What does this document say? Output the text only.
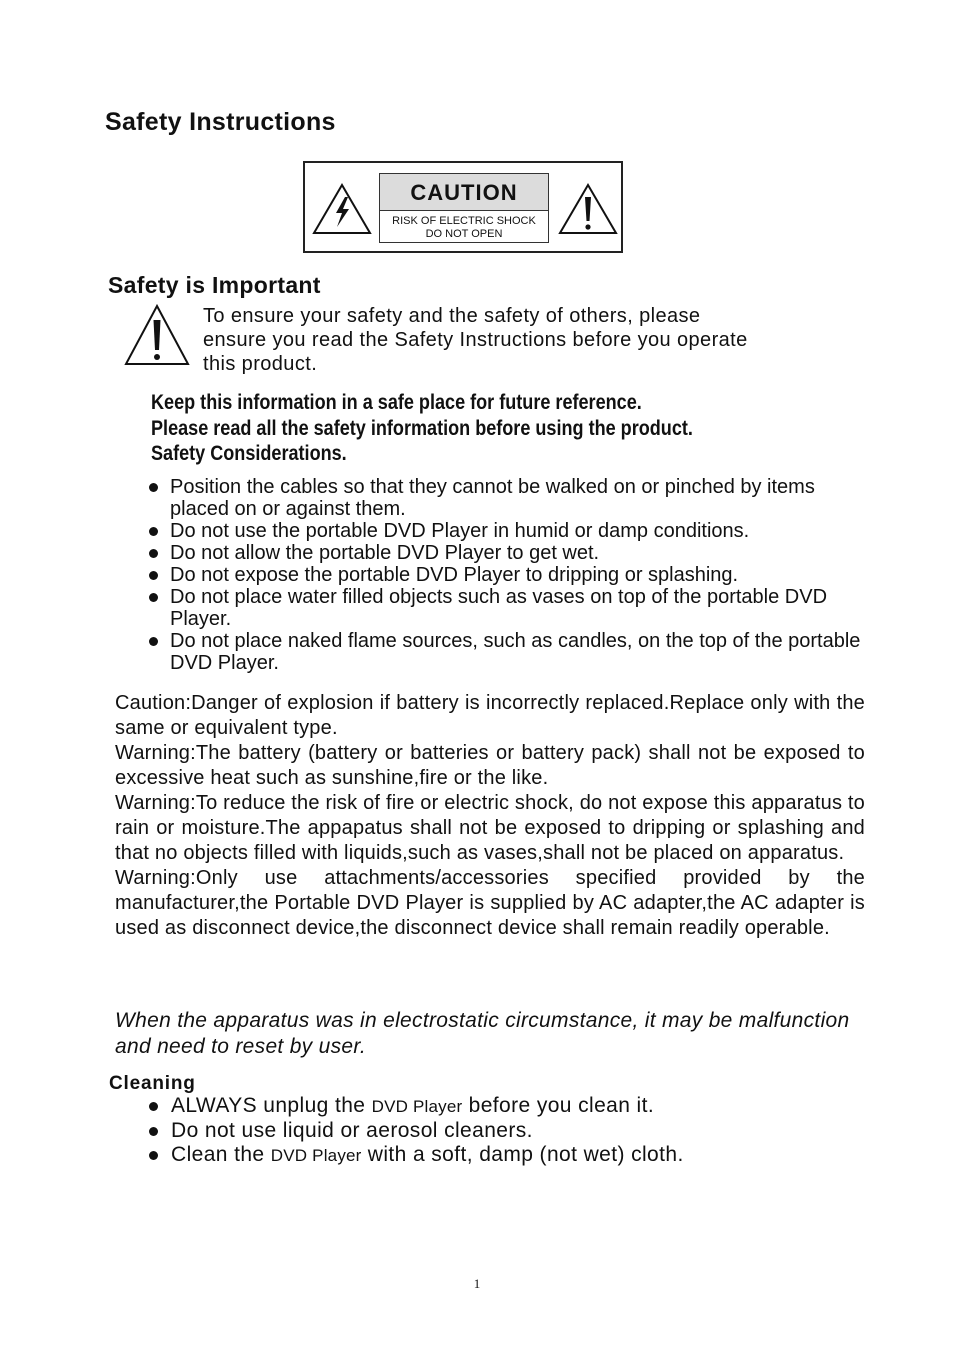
Safety Instructions
CAUTION
RISK OF ELECTRIC SHOCK
DO NOT OPEN
Safety is Important
To ensure your safety and the safety of others, please
ensure you read the Safety Instructions before you operate
this product.
Keep this information in a safe place for future reference.
Please read all the safety information before using the product.
Safety Considerations.
Position the cables so that they cannot be walked on or pinched by items placed on or against them.
Do not use the portable DVD Player in humid or damp conditions.
Do not allow the portable DVD Player to get wet.
Do not expose the portable DVD Player to dripping or splashing.
Do not place water filled objects such as vases on top of the portable DVD Player.
Do not place naked flame sources, such as candles, on the top of the portable DVD Player.

Caution:Danger of explosion if battery is incorrectly replaced.Replace only with the same or equivalent type.

Warning:The battery (battery or batteries or battery pack) shall not be exposed to excessive heat such as sunshine,fire or the like.

Warning:To reduce the risk of fire or electric shock, do not expose this apparatus to rain or moisture.The appapatus shall not be exposed to dripping or splashing and that no objects filled with liquids,such as vases,shall not be placed on apparatus.

Warning:Only use attachments/accessories specified provided by the manufacturer,the Portable DVD Player is supplied by AC adapter,the AC adapter is used as disconnect device,the disconnect device shall remain readily operable.

When the apparatus was in electrostatic circumstance, it may be malfunction and need to reset by user.
Cleaning
ALWAYS unplug the DVD Player before you clean it.
Do not use liquid or aerosol cleaners.
Clean the DVD Player with a soft, damp (not wet) cloth.
1
